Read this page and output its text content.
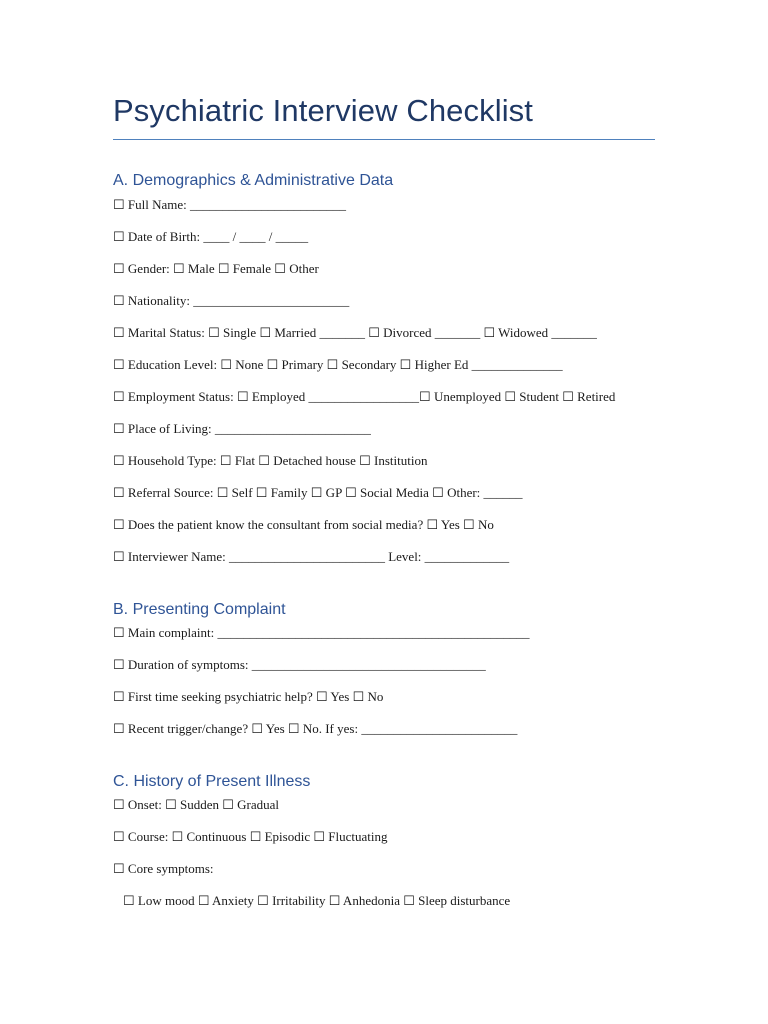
Psychiatric Interview Checklist
A. Demographics & Administrative Data
☐ Full Name: ________________________
☐ Date of Birth: ____ / ____ / _____
☐ Gender: ☐ Male ☐ Female ☐ Other
☐ Nationality: ________________________
☐ Marital Status: ☐ Single ☐ Married _______ ☐ Divorced _______ ☐ Widowed _______
☐ Education Level: ☐ None ☐ Primary ☐ Secondary ☐ Higher Ed ______________
☐ Employment Status: ☐ Employed _________________☐ Unemployed ☐ Student ☐ Retired
☐ Place of Living: ________________________
☐ Household Type: ☐ Flat ☐ Detached house ☐ Institution
☐ Referral Source: ☐ Self ☐ Family ☐ GP ☐ Social Media ☐ Other: ______
☐ Does the patient know the consultant from social media? ☐ Yes ☐ No
☐ Interviewer Name: ________________________ Level: _____________
B. Presenting Complaint
☐ Main complaint: ________________________________________________
☐ Duration of symptoms: ____________________________________
☐ First time seeking psychiatric help? ☐ Yes ☐ No
☐ Recent trigger/change? ☐ Yes ☐ No. If yes: ________________________
C. History of Present Illness
☐ Onset: ☐ Sudden ☐ Gradual
☐ Course: ☐ Continuous ☐ Episodic ☐ Fluctuating
☐ Core symptoms:
☐ Low mood ☐ Anxiety ☐ Irritability ☐ Anhedonia ☐ Sleep disturbance
